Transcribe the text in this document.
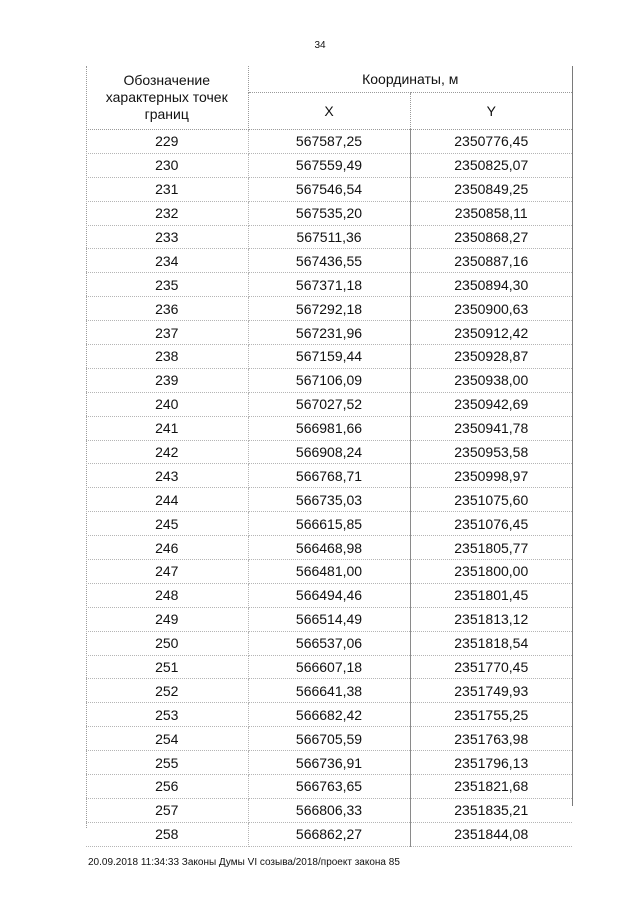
34
Обозначение
характерных точек
границ	Координаты, м	
	X	Y
229	567587,25	2350776,45
230	567559,49	2350825,07
231	567546,54	2350849,25
232	567535,20	2350858,11
233	567511,36	2350868,27
234	567436,55	2350887,16
235	567371,18	2350894,30
236	567292,18	2350900,63
237	567231,96	2350912,42
238	567159,44	2350928,87
239	567106,09	2350938,00
240	567027,52	2350942,69
241	566981,66	2350941,78
242	566908,24	2350953,58
243	566768,71	2350998,97
244	566735,03	2351075,60
245	566615,85	2351076,45
246	566468,98	2351805,77
247	566481,00	2351800,00
248	566494,46	2351801,45
249	566514,49	2351813,12
250	566537,06	2351818,54
251	566607,18	2351770,45
252	566641,38	2351749,93
253	566682,42	2351755,25
254	566705,59	2351763,98
255	566736,91	2351796,13
256	566763,65	2351821,68
257	566806,33	2351835,21
258	566862,27	2351844,08
20.09.2018 11:34:33 Законы Думы VI созыва/2018/проект закона 85
